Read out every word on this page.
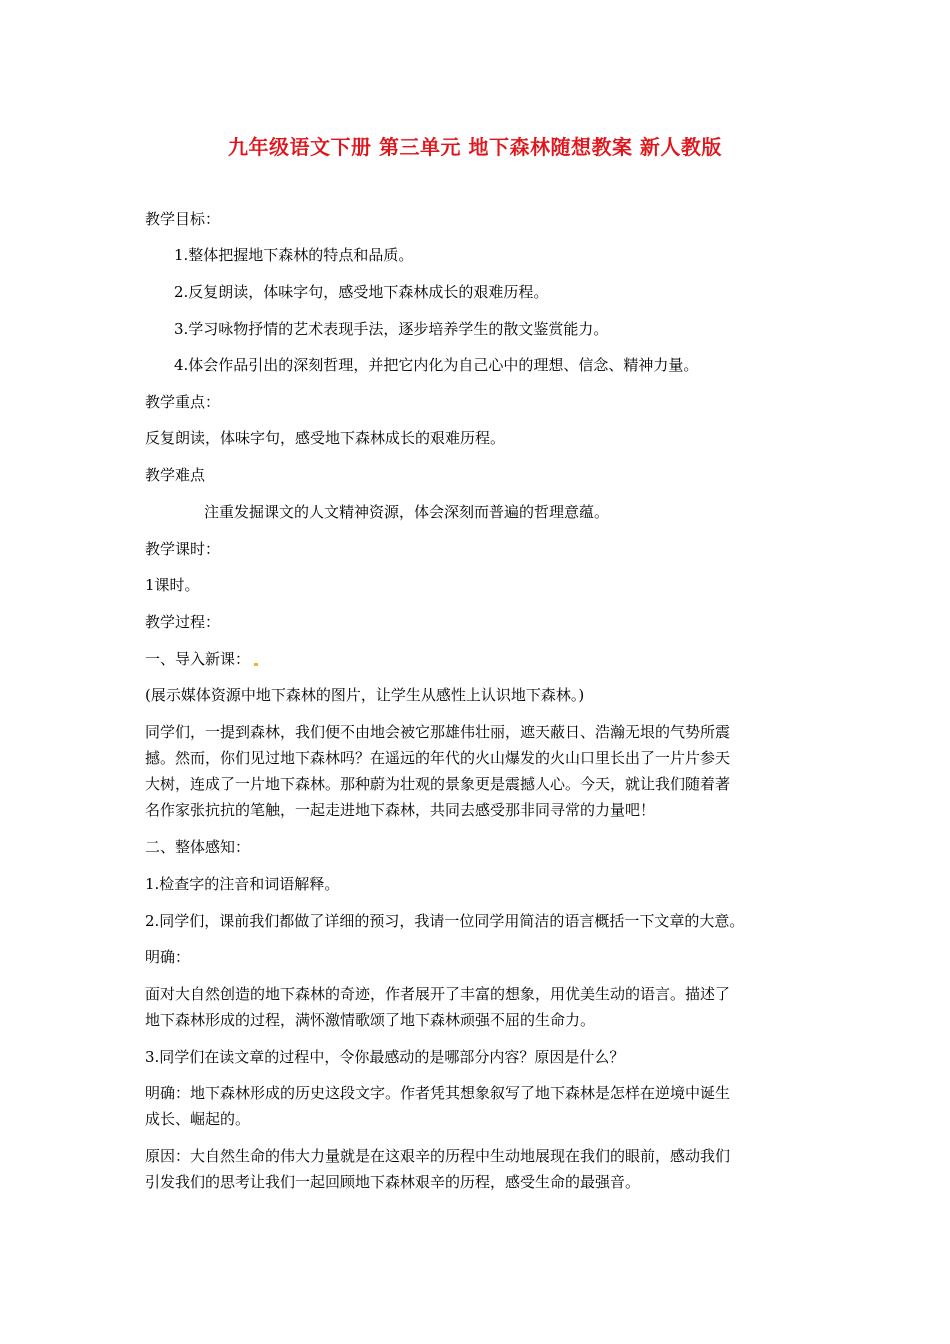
九年级语文下册 第三单元 地下森林随想教案 新人教版
教学目标：
1.整体把握地下森林的特点和品质。
2.反复朗读，体味字句，感受地下森林成长的艰难历程。
3.学习咏物抒情的艺术表现手法，逐步培养学生的散文鉴赏能力。
4.体会作品引出的深刻哲理，并把它内化为自己心中的理想、信念、精神力量。
教学重点：
反复朗读，体味字句，感受地下森林成长的艰难历程。
教学难点
注重发掘课文的人文精神资源，体会深刻而普遍的哲理意蕴。
教学课时：
1课时。
教学过程：
一、导入新课：
(展示媒体资源中地下森林的图片，让学生从感性上认识地下森林。)
同学们，一提到森林，我们便不由地会被它那雄伟壮丽，遮天蔽日、浩瀚无垠的气势所震
撼。然而，你们见过地下森林吗？在遥远的年代的火山爆发的火山口里长出了一片片参天
大树，连成了一片地下森林。那种蔚为壮观的景象更是震撼人心。今天，就让我们随着著
名作家张抗抗的笔触，一起走进地下森林，共同去感受那非同寻常的力量吧！
二、整体感知：
1.检查字的注音和词语解释。
2.同学们，课前我们都做了详细的预习，我请一位同学用简洁的语言概括一下文章的大意。
明确：
面对大自然创造的地下森林的奇迹，作者展开了丰富的想象，用优美生动的语言。描述了
地下森林形成的过程，满怀激情歌颂了地下森林顽强不屈的生命力。
3.同学们在读文章的过程中，令你最感动的是哪部分内容？原因是什么？
明确：地下森林形成的历史这段文字。作者凭其想象叙写了地下森林是怎样在逆境中诞生
成长、崛起的。
原因：大自然生命的伟大力量就是在这艰辛的历程中生动地展现在我们的眼前，感动我们
引发我们的思考让我们一起回顾地下森林艰辛的历程，感受生命的最强音。
